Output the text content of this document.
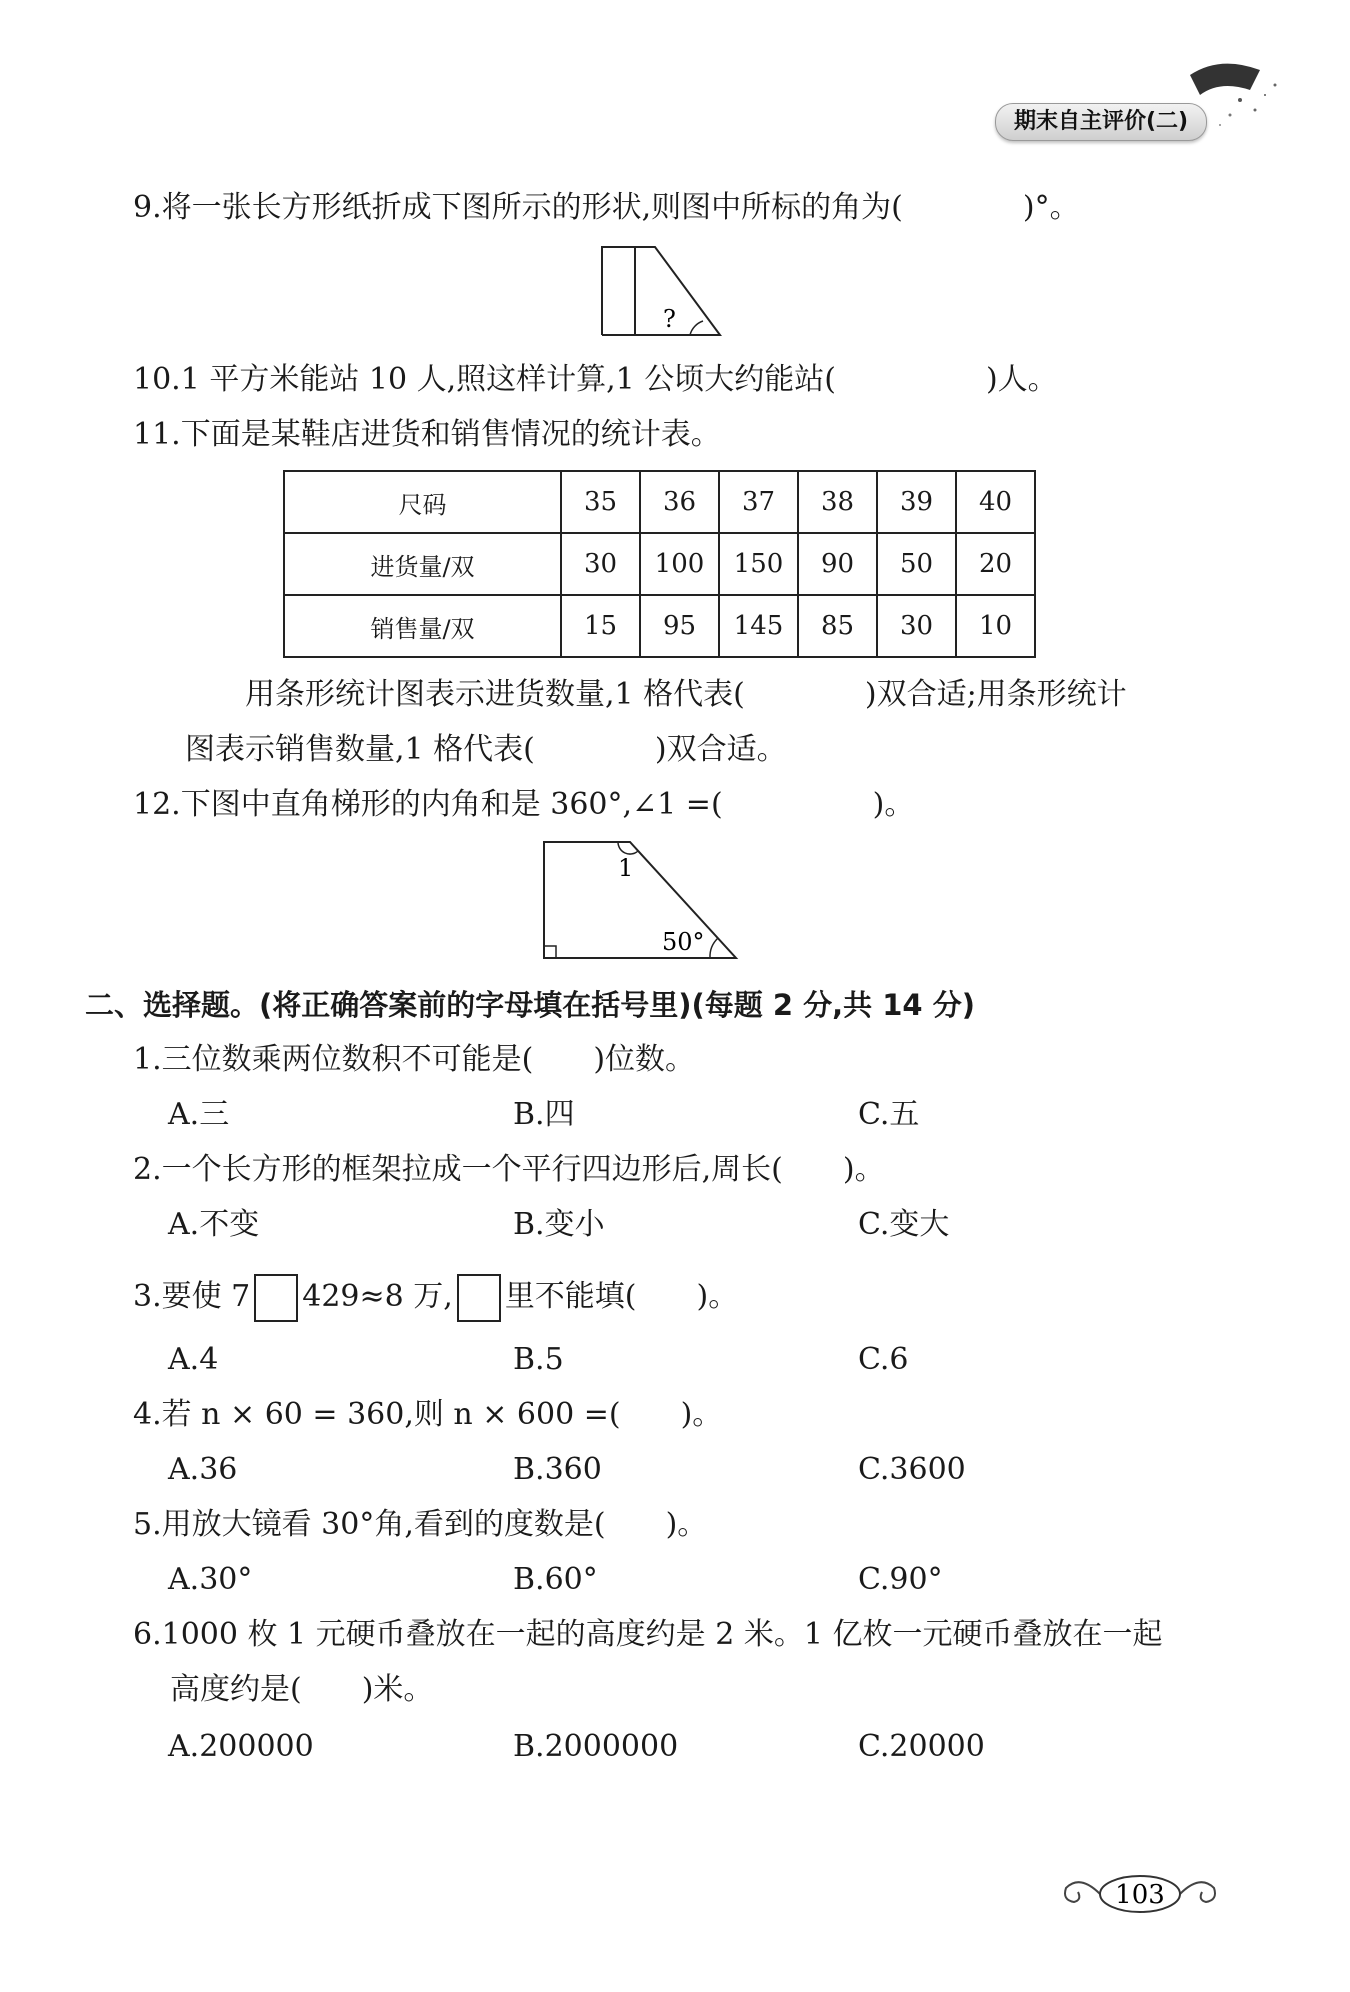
期末自主评价(二)
9.将一张长方形纸折成下图所示的形状,则图中所标的角为(　　　　)°。
?
10.1 平方米能站 10 人,照这样计算,1 公顷大约能站(　　　　　)人。
11.下面是某鞋店进货和销售情况的统计表。
尺码	35	36	37	38	39	40
进货量/双	30	100	150	90	50	20
销售量/双	15	95	145	85	30	10
用条形统计图表示进货数量,1 格代表(　　　　)双合适;用条形统计
图表示销售数量,1 格代表(　　　　)双合适。
12.下图中直角梯形的内角和是 360°,∠1 =(　　　　　)。
1
50°
二、选择题。(将正确答案前的字母填在括号里)(每题 2 分,共 14 分)
1.三位数乘两位数积不可能是(　　)位数。
A.三	B.四	C.五
2.一个长方形的框架拉成一个平行四边形后,周长(　　)。
A.不变	B.变小	C.变大
3.要使 7 429≈8 万, 里不能填(　　)。
A.4	B.5	C.6
4.若 n × 60 = 360,则 n × 600 =(　　)。
A.36	B.360	C.3600
5.用放大镜看 30°角,看到的度数是(　　)。
A.30°	B.60°	C.90°
6.1000 枚 1 元硬币叠放在一起的高度约是 2 米。1 亿枚一元硬币叠放在一起
高度约是(　　)米。
A.200000	B.2000000	C.20000
103
